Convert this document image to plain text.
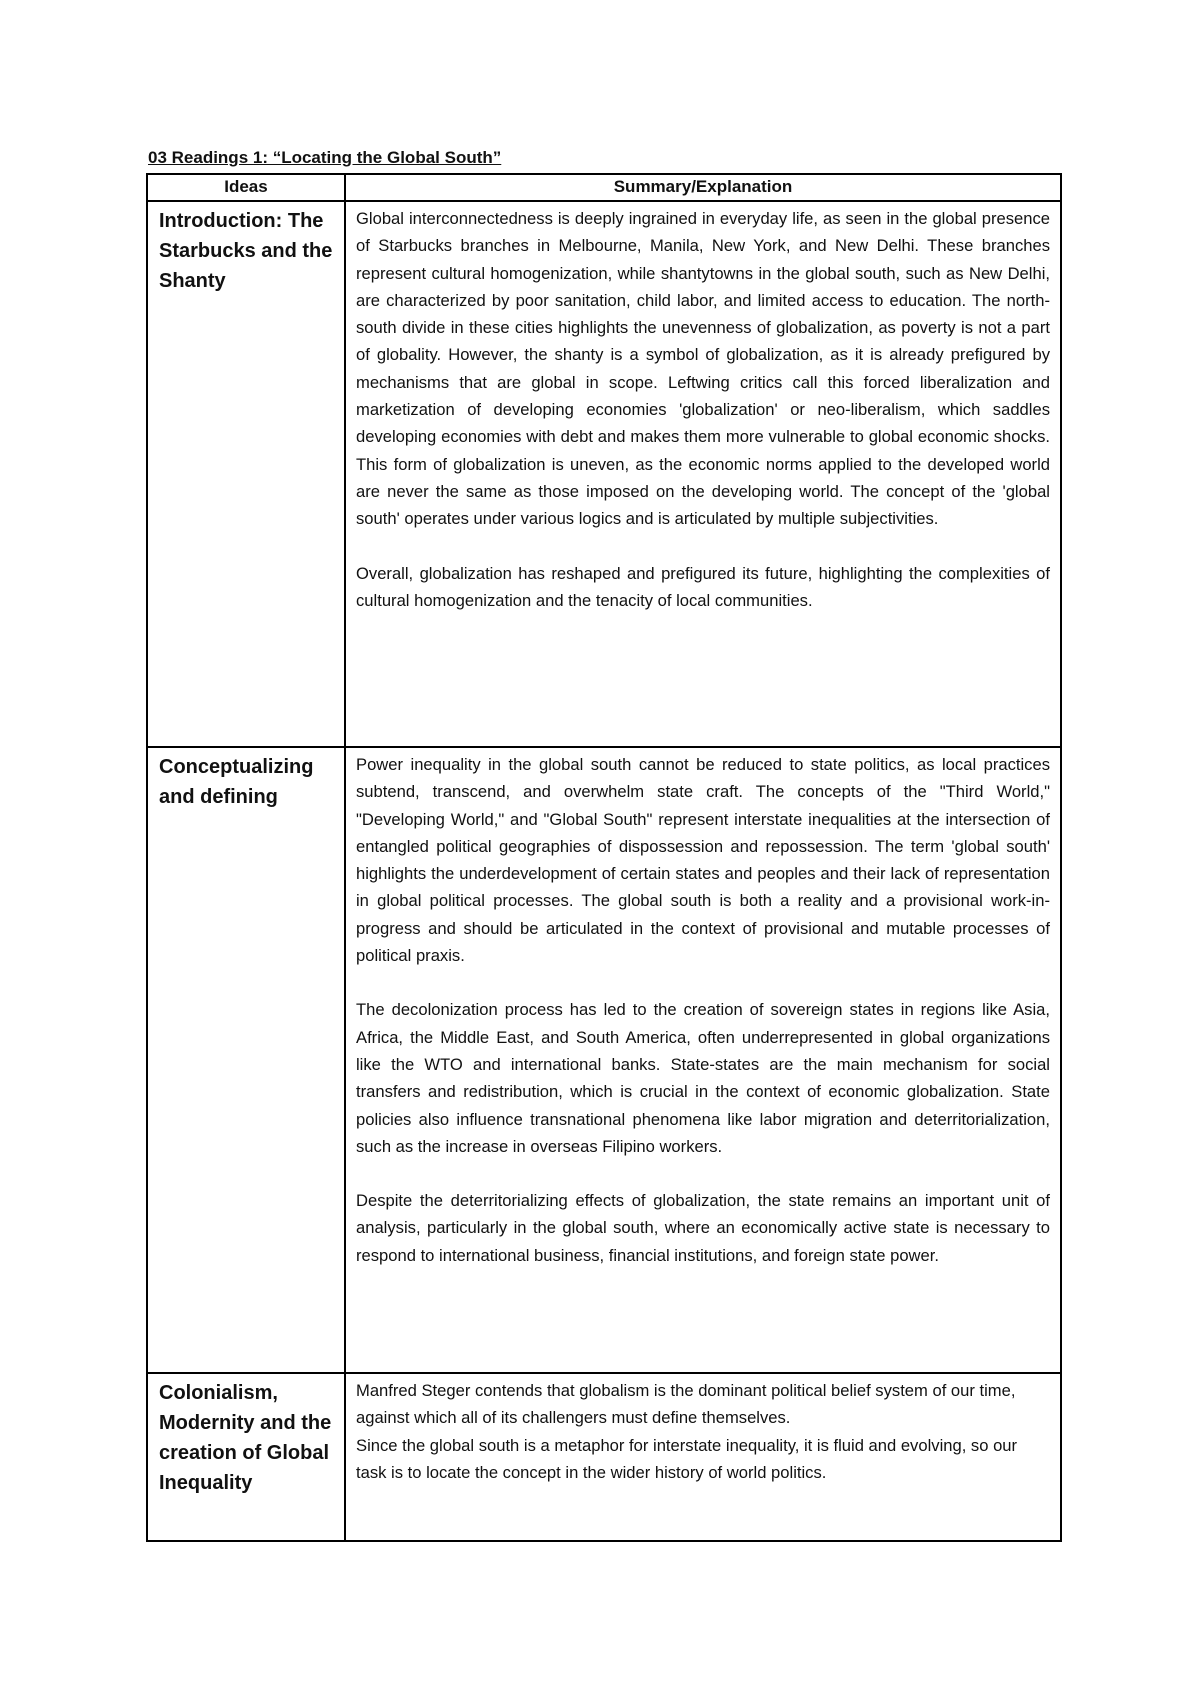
03 Readings 1: “Locating the Global South”
Ideas	Summary/Explanation
Introduction: The Starbucks and the Shanty	Global interconnectedness is deeply ingrained in everyday life, as seen in the global presence of Starbucks branches in Melbourne, Manila, New York, and New Delhi. These branches represent cultural homogenization, while shantytowns in the global south, such as New Delhi, are characterized by poor sanitation, child labor, and limited access to education. The north-south divide in these cities highlights the unevenness of globalization, as poverty is not a part of globality. However, the shanty is a symbol of globalization, as it is already prefigured by mechanisms that are global in scope. Leftwing critics call this forced liberalization and marketization of developing economies 'globalization' or neo-liberalism, which saddles developing economies with debt and makes them more vulnerable to global economic shocks. This form of globalization is uneven, as the economic norms applied to the developed world are never the same as those imposed on the developing world. The concept of the 'global south' operates under various logics and is articulated by multiple subjectivities.

Overall, globalization has reshaped and prefigured its future, highlighting the complexities of cultural homogenization and the tenacity of local communities.

Conceptualizing and defining	Power inequality in the global south cannot be reduced to state politics, as local practices subtend, transcend, and overwhelm state craft. The concepts of the "Third World," "Developing World," and "Global South" represent interstate inequalities at the intersection of entangled political geographies of dispossession and repossession. The term 'global south' highlights the underdevelopment of certain states and peoples and their lack of representation in global political processes. The global south is both a reality and a provisional work-in-progress and should be articulated in the context of provisional and mutable processes of political praxis.

The decolonization process has led to the creation of sovereign states in regions like Asia, Africa, the Middle East, and South America, often underrepresented in global organizations like the WTO and international banks. State-states are the main mechanism for social transfers and redistribution, which is crucial in the context of economic globalization. State policies also influence transnational phenomena like labor migration and deterritorialization, such as the increase in overseas Filipino workers.

Despite the deterritorializing effects of globalization, the state remains an important unit of analysis, particularly in the global south, where an economically active state is necessary to respond to international business, financial institutions, and foreign state power.

Colonialism, Modernity and the creation of Global Inequality	Manfred Steger contends that globalism is the dominant political belief system of our time, against which all of its challengers must define themselves.

Since the global south is a metaphor for interstate inequality, it is fluid and evolving, so our task is to locate the concept in the wider history of world politics.
